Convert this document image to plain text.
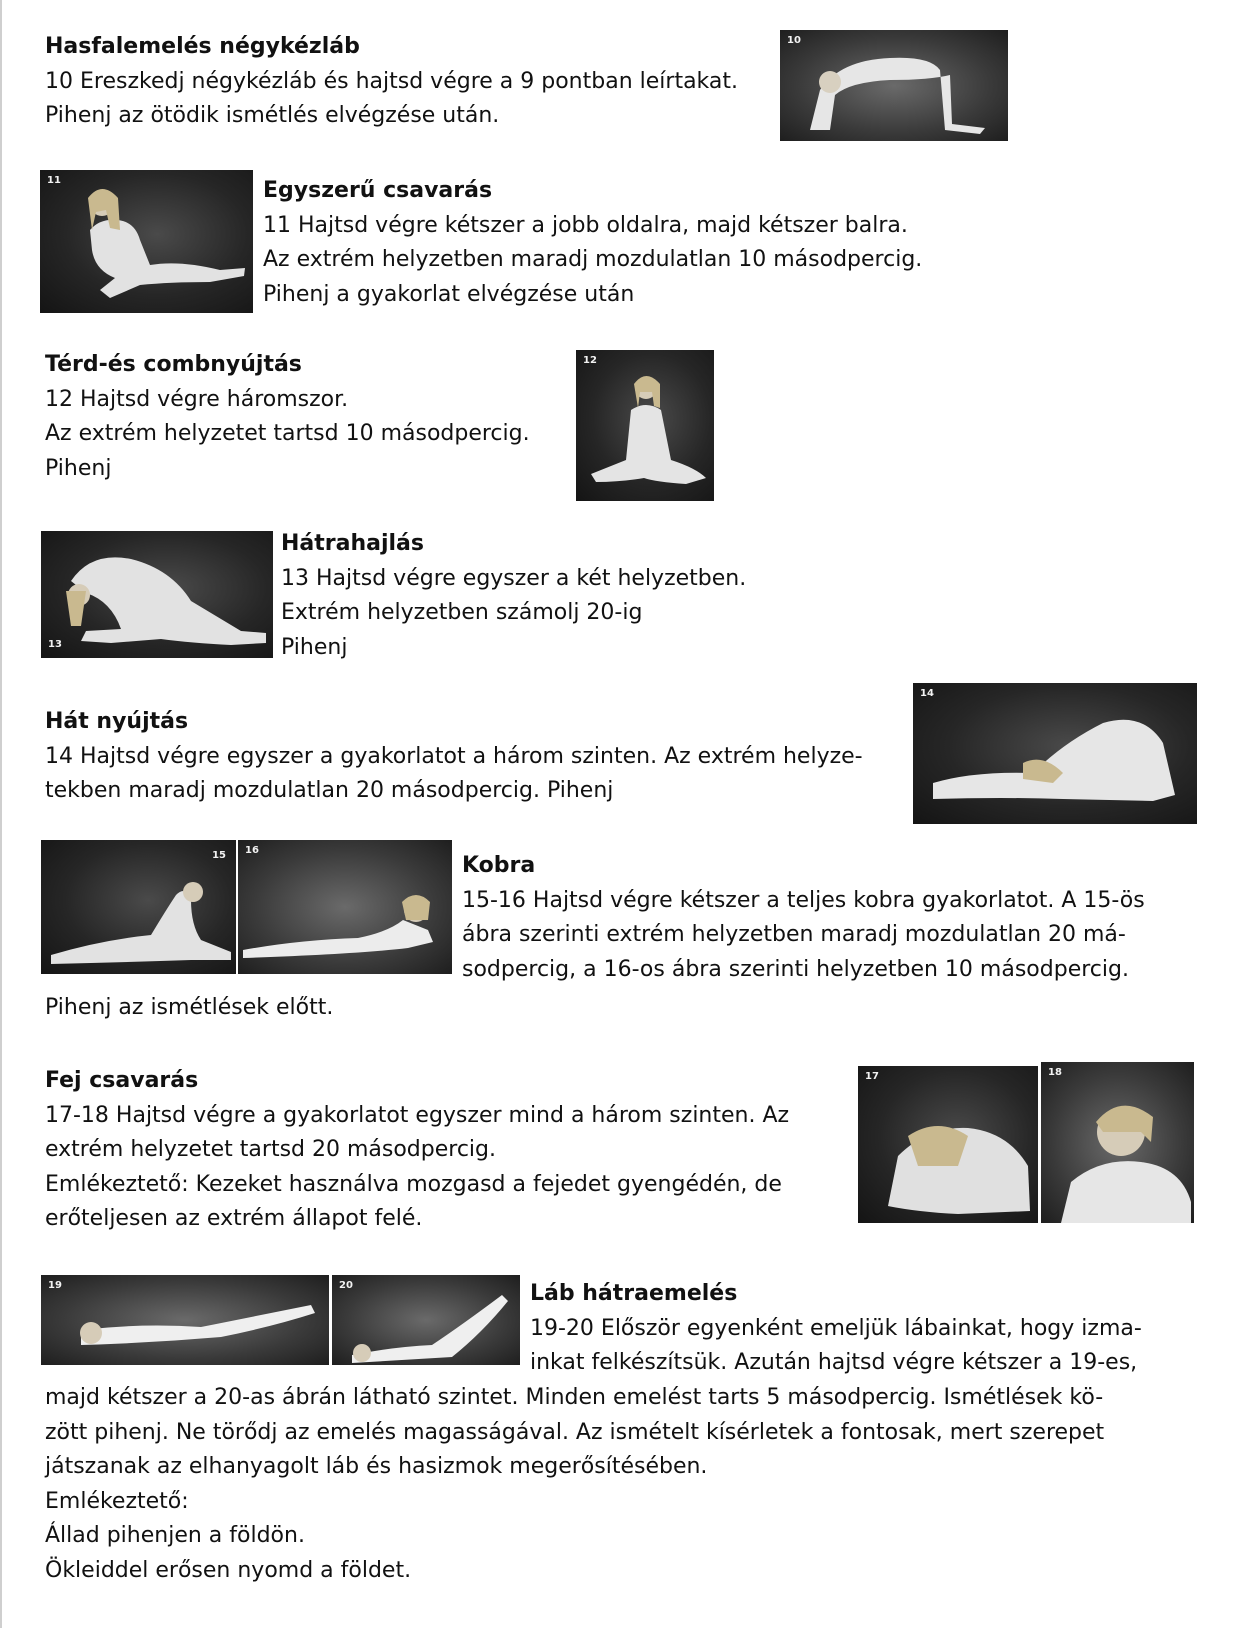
Hasfalemelés négykézláb
10 Ereszkedj négykézláb és hajtsd végre a 9 pontban leírtakat.
Pihenj az ötödik ismétlés elvégzése után.
10
11	Egyszerű csavarás
11 Hajtsd végre kétszer a jobb oldalra, majd kétszer balra.
Az extrém helyzetben maradj mozdulatlan 10 másodpercig.
Pihenj a gyakorlat elvégzése után
Térd-és combnyújtás
12 Hajtsd végre háromszor.
Az extrém helyzetet tartsd 10 másodpercig.
Pihenj
12
13
Hátrahajlás
13 Hajtsd végre egyszer a két helyzetben.
Extrém helyzetben számolj 20-ig
Pihenj
Hát nyújtás
14 Hajtsd végre egyszer a gyakorlatot a három szinten. Az extrém helyze-
tekben maradj mozdulatlan 20 másodpercig. Pihenj
14
15 16
Kobra
15-16 Hajtsd végre kétszer a teljes kobra gyakorlatot. A 15-ös
ábra szerinti extrém helyzetben maradj mozdulatlan 20 má-
sodpercig, a 16-os ábra szerinti helyzetben 10 másodpercig.
Pihenj az ismétlések előtt.
Fej csavarás
17-18 Hajtsd végre a gyakorlatot egyszer mind a három szinten. Az
extrém helyzetet tartsd 20 másodpercig.
Emlékeztető: Kezeket használva mozgasd a fejedet gyengédén, de
erőteljesen az extrém állapot felé.
17	18
19	20	Láb hátraemelés
19-20 Először egyenként emeljük lábainkat, hogy izma-
inkat felkészítsük. Azután hajtsd végre kétszer a 19-es,
majd kétszer a 20-as ábrán látható szintet. Minden emelést tarts 5 másodpercig. Ismétlések kö-
zött pihenj. Ne törődj az emelés magasságával. Az ismételt kísérletek a fontosak, mert szerepet
játszanak az elhanyagolt láb és hasizmok megerősítésében.
Emlékeztető:
Állad pihenjen a földön.
Ökleiddel erősen nyomd a földet.
